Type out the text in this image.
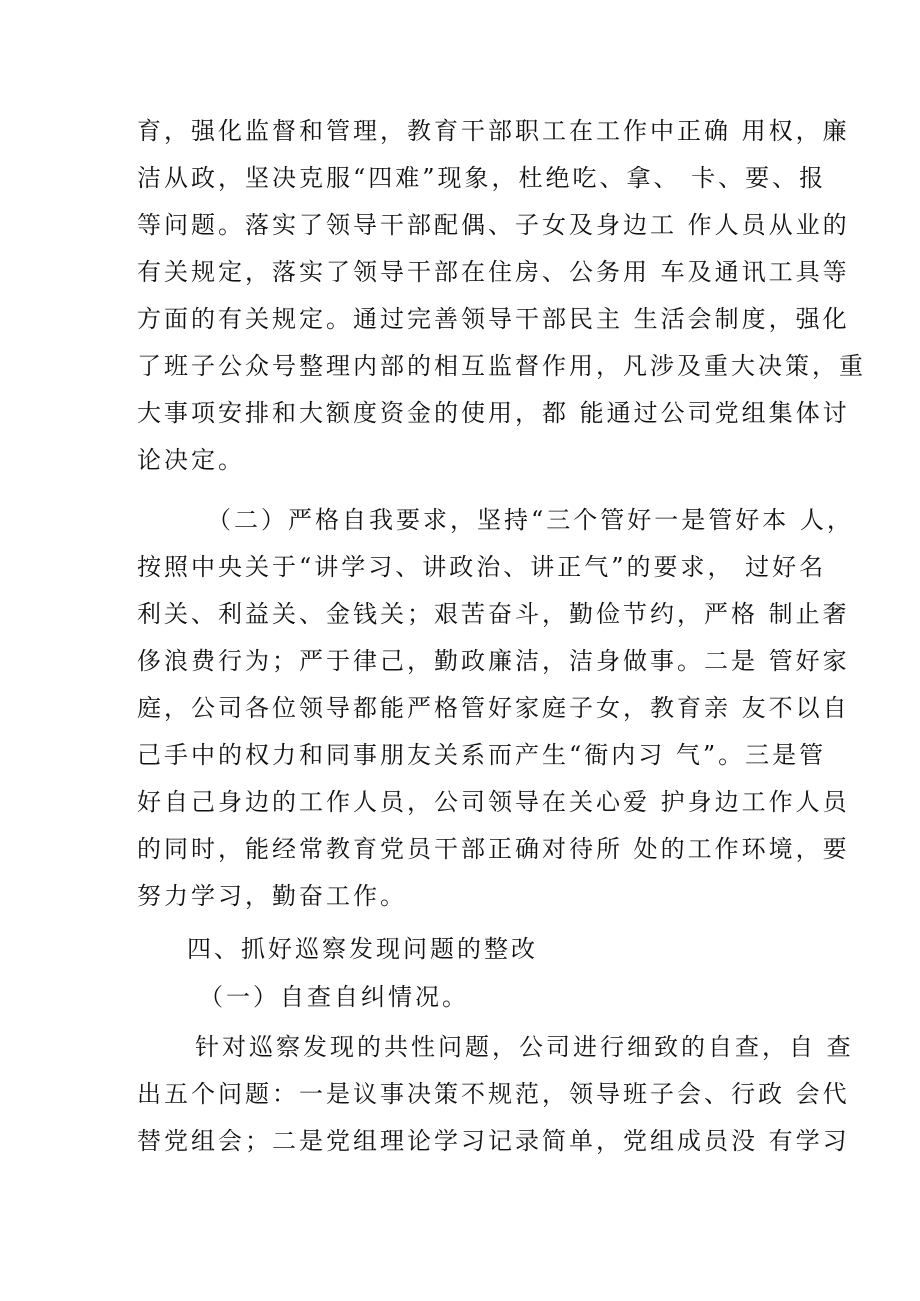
育，强化监督和管理，教育干部职工在工作中正确 用权，廉
洁从政，坚决克服“四难”现象，杜绝吃、拿、 卡、要、报
等问题。落实了领导干部配偶、子女及身边工 作人员从业的
有关规定，落实了领导干部在住房、公务用 车及通讯工具等
方面的有关规定。通过完善领导干部民主 生活会制度，强化
了班子公众号整理内部的相互监督作用，凡涉及重大决策，重
大事项安排和大额度资金的使用，都 能通过公司党组集体讨
论决定。
（二）严格自我要求，坚持“三个管好一是管好本 人，
按照中央关于“讲学习、讲政治、讲正气”的要求， 过好名
利关、利益关、金钱关；艰苦奋斗，勤俭节约，严格 制止奢
侈浪费行为；严于律己，勤政廉洁，洁身做事。二是 管好家
庭，公司各位领导都能严格管好家庭子女，教育亲 友不以自
己手中的权力和同事朋友关系而产生“衙内习 气”。三是管
好自己身边的工作人员，公司领导在关心爱 护身边工作人员
的同时，能经常教育党员干部正确对待所 处的工作环境，要
努力学习，勤奋工作。
四、抓好巡察发现问题的整改
（一）自查自纠情况。
针对巡察发现的共性问题，公司进行细致的自查，自 查
出五个问题：一是议事决策不规范，领导班子会、行政 会代
替党组会；二是党组理论学习记录简单，党组成员没 有学习
